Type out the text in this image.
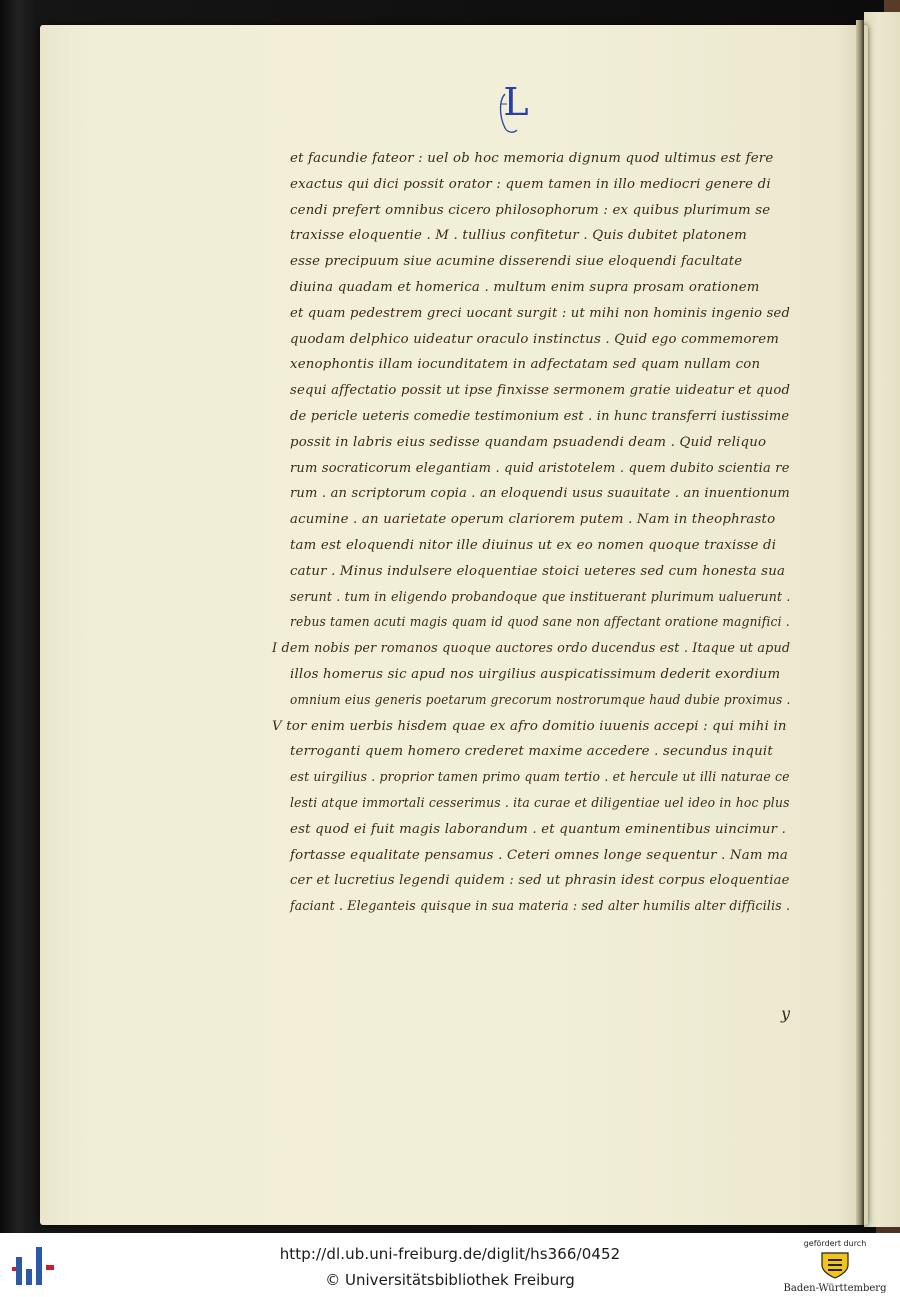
L
et facundie fateor : uel ob hoc memoria dignum quod ultimus est fere
exactus qui dici possit orator : quem tamen in illo mediocri genere di
cendi prefert omnibus cicero philosophorum : ex quibus plurimum se
traxisse eloquentie . M . tullius confitetur . Quis dubitet platonem
esse precipuum siue acumine disserendi siue eloquendi facultate
diuina quadam et homerica . multum enim supra prosam orationem
et quam pedestrem greci uocant surgit : ut mihi non hominis ingenio sed
quodam delphico uideatur oraculo instinctus . Quid ego commemorem
xenophontis illam iocunditatem in adfectatam sed quam nullam con
sequi affectatio possit ut ipse finxisse sermonem gratie uideatur et quod
de pericle ueteris comedie testimonium est . in hunc transferri iustissime
possit in labris eius sedisse quandam psuadendi deam . Quid reliquo
rum socraticorum elegantiam . quid aristotelem . quem dubito scientia re
rum . an scriptorum copia . an eloquendi usus suauitate . an inuentionum
acumine . an uarietate operum clariorem putem . Nam in theophrasto
tam est eloquendi nitor ille diuinus ut ex eo nomen quoque traxisse di
catur . Minus indulsere eloquentiae stoici ueteres sed cum honesta sua
serunt . tum in eligendo probandoque que instituerant plurimum ualuerunt .
rebus tamen acuti magis quam id quod sane non affectant oratione magnifici .
I dem nobis per romanos quoque auctores ordo ducendus est . Itaque ut apud
illos homerus sic apud nos uirgilius auspicatissimum dederit exordium
omnium eius generis poetarum grecorum nostrorumque haud dubie proximus .
V tor enim uerbis hisdem quae ex afro domitio iuuenis accepi : qui mihi in
terroganti quem homero crederet maxime accedere . secundus inquit
est uirgilius . proprior tamen primo quam tertio . et hercule ut illi naturae ce
lesti atque immortali cesserimus . ita curae et diligentiae uel ideo in hoc plus
est quod ei fuit magis laborandum . et quantum eminentibus uincimur .
fortasse equalitate pensamus . Ceteri omnes longe sequentur . Nam ma
cer et lucretius legendi quidem : sed ut phrasin idest corpus eloquentiae
faciant . Eleganteis quisque in sua materia : sed alter humilis alter difficilis .
y
http://dl.ub.uni-freiburg.de/diglit/hs366/0452
© Universitätsbibliothek Freiburg
gefördert durch
Baden-Württemberg
